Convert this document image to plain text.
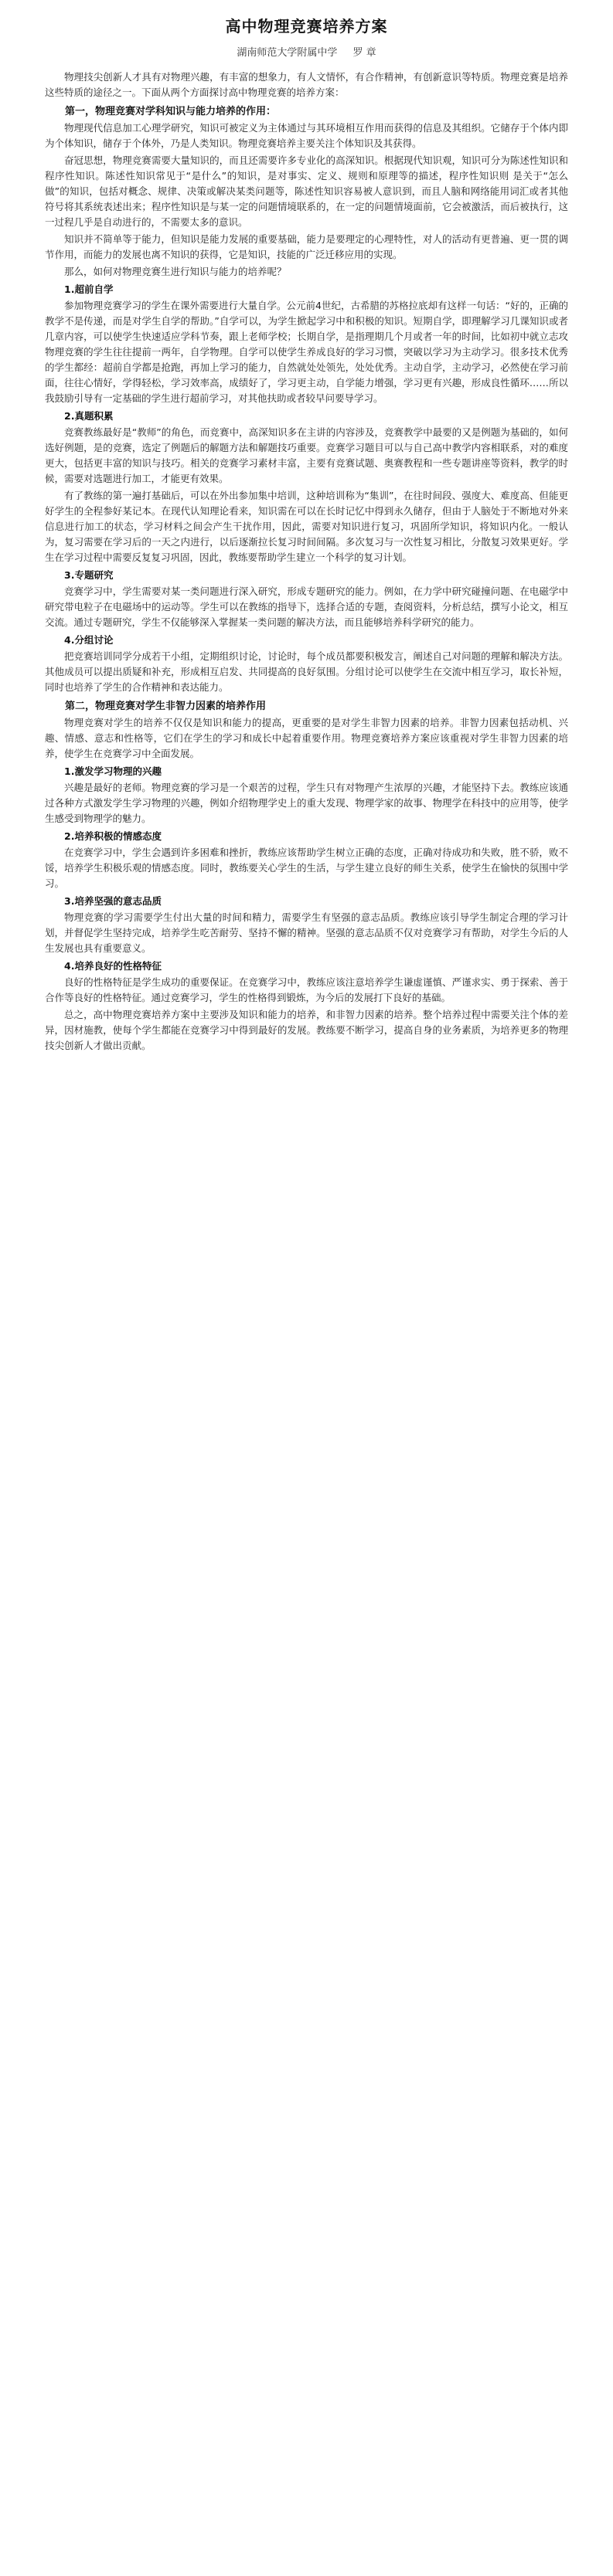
高中物理竞赛培养方案
湖南师范大学附属中学 罗 章

物理技尖创新人才具有对物理兴趣，有丰富的想象力，有人文情怀，有合作精神，有创新意识等特质。物理竞赛是培养这些特质的途径之一。下面从两个方面探讨高中物理竞赛的培养方案：

第一，物理竞赛对学科知识与能力培养的作用：

物理现代信息加工心理学研究，知识可被定义为主体通过与其环境相互作用而获得的信息及其组织。它储存于个体内即为个体知识，储存于个体外，乃是人类知识。物理竞赛培养主要关注个体知识及其获得。

奋冠思想，物理竞赛需要大量知识的，而且还需要许多专业化的高深知识。根据现代知识观，知识可分为陈述性知识和程序性知识。陈述性知识常见于“是什么”的知识，是对事实、定义、规则和原理等的描述，程序性知识则 是关于“怎么做”的知识，包括对概念、规律、决策或解决某类问题等，陈述性知识容易被人意识到，而且人脑和网络能用词汇或者其他符号将其系统表述出来；程序性知识是与某一定的问题情境联系的，在一定的问题情境面前，它会被激活，而后被执行，这一过程几乎是自动进行的，不需要太多的意识。

知识并不简单等于能力，但知识是能力发展的重要基础，能力是要理定的心理特性，对人的活动有更普遍、更一贯的调节作用，而能力的发展也离不知识的获得，它是知识，技能的广泛迁移应用的实现。

那么，如何对物理竞赛生进行知识与能力的培养呢？

1.超前自学

参加物理竞赛学习的学生在课外需要进行大量自学。公元前4世纪，古希腊的苏格拉底却有这样一句话：“好的，正确的教学不是传递，而是对学生自学的帮助。”自学可以，为学生掀起学习中和积极的知识。短期自学，即理解学习几课知识或者几章内容，可以使学生快速适应学科节奏，跟上老师学校；长期自学，是指理期几个月或者一年的时间，比如初中就立志攻物理竞赛的学生往往提前一两年，自学物理。自学可以使学生养成良好的学习习惯，突破以学习为主动学习。很多技术优秀的学生都经：超前自学都是抢跑，再加上学习的能力，自然就处处领先，处处优秀。主动自学，主动学习，必然使在学习前面，往往心情好，学得轻松，学习效率高，成绩好了，学习更主动，自学能力增强，学习更有兴趣，形成良性循环……所以我鼓励引导有一定基础的学生进行超前学习，对其他扶助或者较早问要导学习。

2.真题积累

竞赛教练最好是“教师”的角色，而竞赛中，高深知识多在主讲的内容涉及，竞赛教学中最要的又是例题为基础的，如何选好例题，是的竞赛，选定了例题后的解题方法和解题技巧重要。竞赛学习题目可以与自己高中教学内容相联系，对的难度更大，包括更丰富的知识与技巧。相关的竞赛学习素材丰富，主要有竞赛试题、奥赛教程和一些专题讲座等资料，教学的时候，需要对选题进行加工，才能更有效果。

有了教练的第一遍打基础后，可以在外出参加集中培训，这种培训称为“集训”，在往时间段、强度大、难度高、但能更好学生的全程参好某记本。在现代认知理论看来，知识需在可以在长时记忆中得到永久储存，但由于人脑处于不断地对外来信息进行加工的状态，学习材料之间会产生干扰作用，因此，需要对知识进行复习，巩固所学知识，将知识内化。一般认为，复习需要在学习后的一天之内进行，以后逐渐拉长复习时间间隔。多次复习与一次性复习相比，分散复习效果更好。学生在学习过程中需要反复复习巩固，因此，教练要帮助学生建立一个科学的复习计划。

3.专题研究

竞赛学习中，学生需要对某一类问题进行深入研究，形成专题研究的能力。例如，在力学中研究碰撞问题、在电磁学中研究带电粒子在电磁场中的运动等。学生可以在教练的指导下，选择合适的专题，查阅资料，分析总结，撰写小论文，相互交流。通过专题研究，学生不仅能够深入掌握某一类问题的解决方法，而且能够培养科学研究的能力。

4.分组讨论

把竞赛培训同学分成若干小组，定期组织讨论，讨论时，每个成员都要积极发言，阐述自己对问题的理解和解决方法。其他成员可以提出质疑和补充，形成相互启发、共同提高的良好氛围。分组讨论可以使学生在交流中相互学习，取长补短，同时也培养了学生的合作精神和表达能力。

第二，物理竞赛对学生非智力因素的培养作用

物理竞赛对学生的培养不仅仅是知识和能力的提高，更重要的是对学生非智力因素的培养。非智力因素包括动机、兴趣、情感、意志和性格等，它们在学生的学习和成长中起着重要作用。物理竞赛培养方案应该重视对学生非智力因素的培养，使学生在竞赛学习中全面发展。

1.激发学习物理的兴趣

兴趣是最好的老师。物理竞赛的学习是一个艰苦的过程，学生只有对物理产生浓厚的兴趣，才能坚持下去。教练应该通过各种方式激发学生学习物理的兴趣，例如介绍物理学史上的重大发现、物理学家的故事、物理学在科技中的应用等，使学生感受到物理学的魅力。

2.培养积极的情感态度

在竞赛学习中，学生会遇到许多困难和挫折，教练应该帮助学生树立正确的态度，正确对待成功和失败，胜不骄，败不馁，培养学生积极乐观的情感态度。同时，教练要关心学生的生活，与学生建立良好的师生关系，使学生在愉快的氛围中学习。

3.培养坚强的意志品质

物理竞赛的学习需要学生付出大量的时间和精力，需要学生有坚强的意志品质。教练应该引导学生制定合理的学习计划，并督促学生坚持完成，培养学生吃苦耐劳、坚持不懈的精神。坚强的意志品质不仅对竞赛学习有帮助，对学生今后的人生发展也具有重要意义。

4.培养良好的性格特征

良好的性格特征是学生成功的重要保证。在竞赛学习中，教练应该注意培养学生谦虚谨慎、严谨求实、勇于探索、善于合作等良好的性格特征。通过竞赛学习，学生的性格得到锻炼，为今后的发展打下良好的基础。

总之，高中物理竞赛培养方案中主要涉及知识和能力的培养，和非智力因素的培养。整个培养过程中需要关注个体的差异，因材施教，使每个学生都能在竞赛学习中得到最好的发展。教练要不断学习，提高自身的业务素质，为培养更多的物理技尖创新人才做出贡献。
